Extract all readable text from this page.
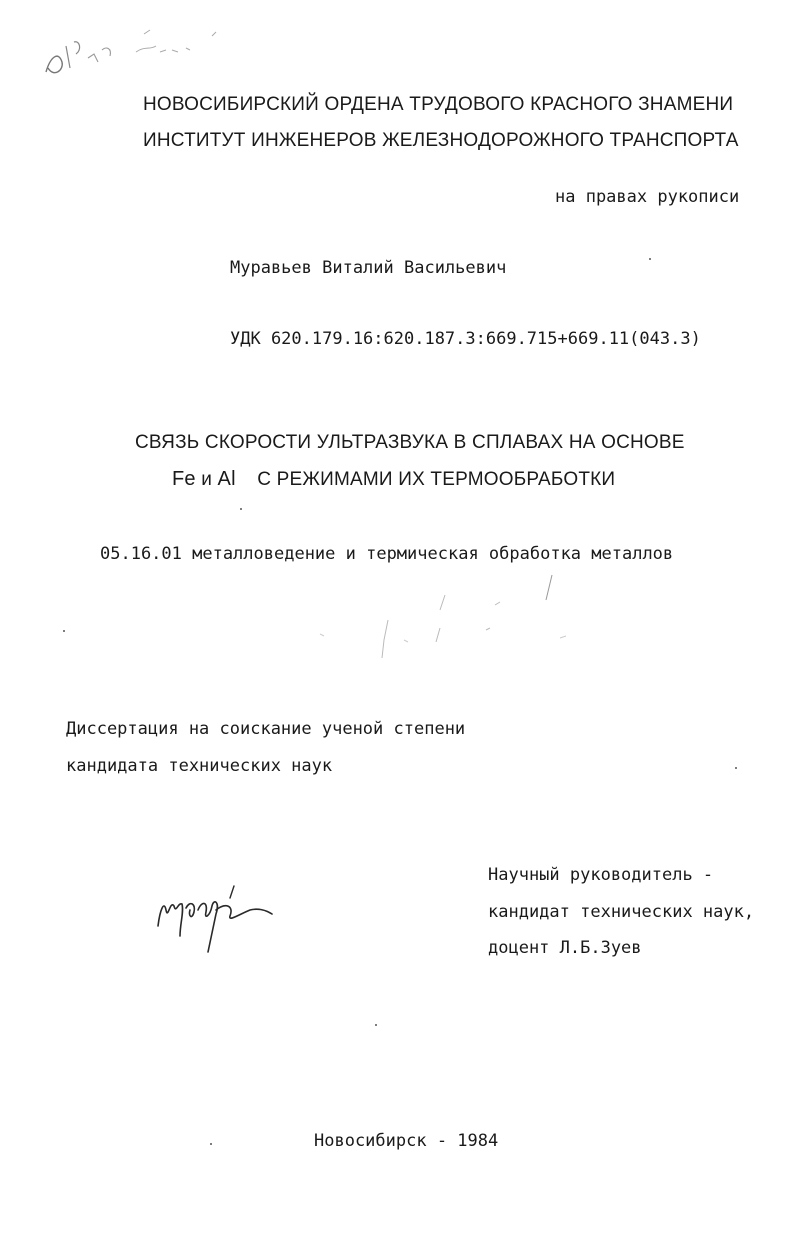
НОВОСИБИРСКИЙ ОРДЕНА ТРУДОВОГО КРАСНОГО ЗНАМЕНИ
ИНСТИТУТ ИНЖЕНЕРОВ ЖЕЛЕЗНОДОРОЖНОГО ТРАНСПОРТА
на правах рукописи
Муравьев Виталий Васильевич
УДК 620.179.16:620.187.3:669.715+669.11(043.3)
СВЯЗЬ СКОРОСТИ УЛЬТРАЗВУКА В СПЛАВАХ НА ОСНОВЕ
Fe и Al С РЕЖИМАМИ ИХ ТЕРМООБРАБОТКИ
05.16.01 металловедение и термическая обработка металлов
Диссертация на соискание ученой степени
кандидата технических наук
Научный руководитель -
кандидат технических наук,
доцент Л.Б.Зуев
Новосибирск - 1984
